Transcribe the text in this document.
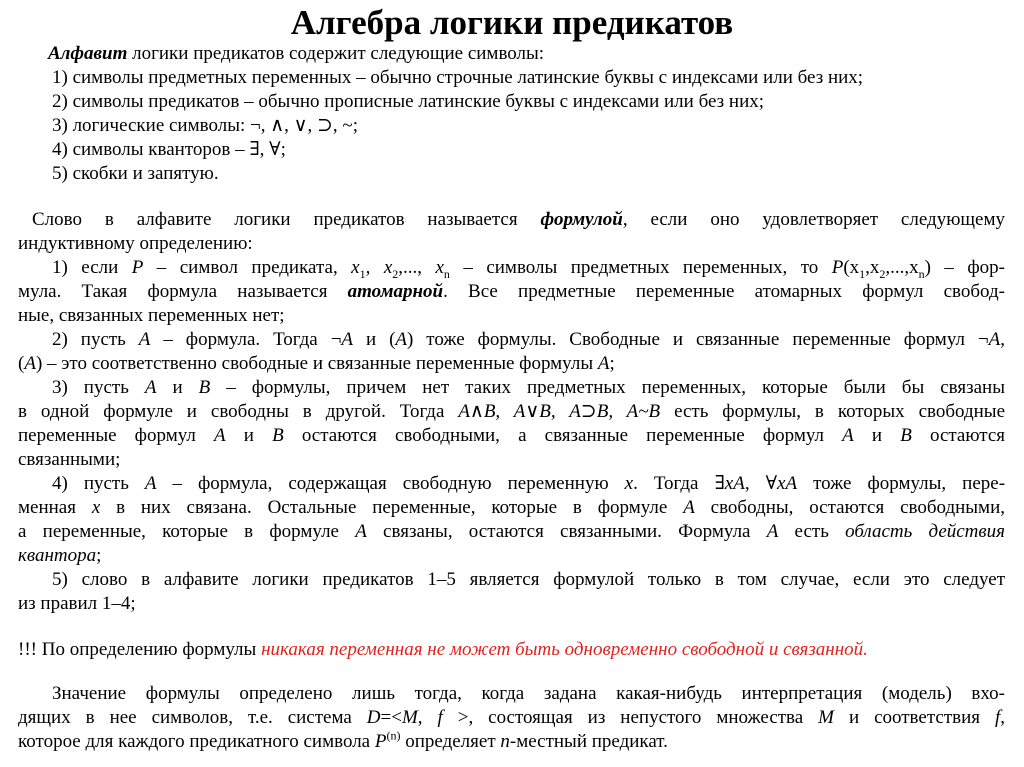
Алгебра логики предикатов

Алфавит логики предикатов содержит следующие символы:

1) символы предметных переменных – обычно строчные латинские буквы с индексами или без них;

2) символы предикатов – обычно прописные латинские буквы с индексами или без них;

3) логические символы: ¬, ∧, ∨, ⊃, ~;

4) символы кванторов – ∃, ∀;

5) скобки и запятую.

Слово в алфавите логики предикатов называется формулой, если оно удовлетворяет следующему

индуктивному определению:

1) если P – символ предиката, $x_1$, $x_2$,..., $x_n$ – символы предметных переменных, то $P(x_1,x_2,...,x_n) - фор-$

мула. Такая формула называется атомарной. Все предметные переменные атомарных формул свобод-

ные, связанных переменных нет;

2) пусть A – формула. Тогда ¬A и (A) тоже формулы. Свободные и связанные переменные формул ¬A,

(A) – это соответственно свободные и связанные переменные формулы A;

3) пусть A и B – формулы, причем нет таких предметных переменных, которые были бы связаны

в одной формуле и свободны в другой. Тогда A∧B, A∨B, A⊃B, A~B есть формулы, в которых свободные

переменные формул A и B остаются свободными, а связанные переменные формул A и B остаются

связанными;

4) пусть A – формула, содержащая свободную переменную x. Тогда ∃xA, ∀xA тоже формулы, пере-

менная x в них связана. Остальные переменные, которые в формуле A свободны, остаются свободными,

а переменные, которые в формуле A связаны, остаются связанными. Формула A есть область действия

квантора;

5) слово в алфавите логики предикатов 1–5 является формулой только в том случае, если это следует

из правил 1–4;

!!! По определению формулы никакая переменная не может быть одновременно свободной и связанной.

Значение формулы определено лишь тогда, когда задана какая-нибудь интерпретация (модель) вхо-

дящих в нее символов, т.е. система D=<M, f >, состоящая из непустого множества M и соответствия f,

которое для каждого предикатного символа $P^{(n)}$ определяет n-местный предикат.
